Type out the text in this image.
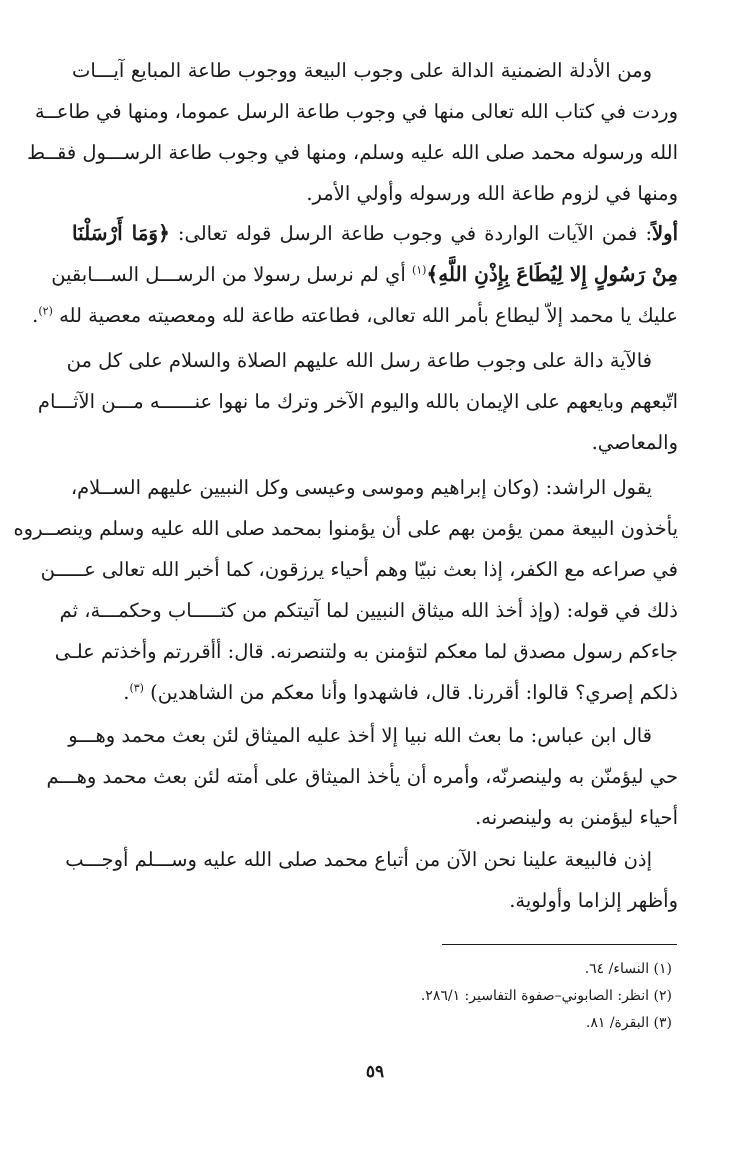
ومن الأدلة الضمنية الدالة على وجوب البيعة ووجوب طاعة المبايع آيـــات
وردت في كتاب الله تعالى منها في وجوب طاعة الرسل عموما، ومنها في طاعــة
الله ورسوله محمد صلى الله عليه وسلم، ومنها في وجوب طاعة الرســـول فقــط
ومنها في لزوم طاعة الله ورسوله وأولي الأمر.
أولاً: فمن الآيات الواردة في وجوب طاعة الرسل قوله تعالى: ﴿وَمَا أَرْسَلْنَا
مِنْ رَسُولٍ إِلا لِيُطَاعَ بِإِذْنِ اللَّهِ﴾$^{(١)}$ أي لم نرسل رسولا من الرســـل الســـابقين
عليك يا محمد إلاّ ليطاع بأمر الله تعالى، فطاعته طاعة لله ومعصيته معصية لله $^{(٢)}$.
فالآية دالة على وجوب طاعة رسل الله عليهم الصلاة والسلام على كل من
اتّبعهم وبايعهم على الإيمان بالله واليوم الآخر وترك ما نهوا عنــــــه مـــن الآثـــام
والمعاصي.
يقول الراشد: (وكان إبراهيم وموسى وعيسى وكل النبيين عليهم الســلام،
يأخذون البيعة ممن يؤمن بهم على أن يؤمنوا بمحمد صلى الله عليه وسلم وينصــروه
في صراعه مع الكفر، إذا بعث نبيّا وهم أحياء يرزقون، كما أخبر الله تعالى عـــــن
ذلك في قوله: (وإذ أخذ الله ميثاق النبيين لما آتيتكم من كتـــــاب وحكمـــة، ثم
جاءكم رسول مصدق لما معكم لتؤمنن به ولتنصرنه. قال: أأقررتم وأخذتم علـى
ذلكم إصري؟ قالوا: أقررنا. قال، فاشهدوا وأنا معكم من الشاهدين) $^{(٣)}$.
قال ابن عباس: ما بعث الله نبيا إلا أخذ عليه الميثاق لئن بعث محمد وهـــو
حي ليؤمنّن به ولينصرنّه، وأمره أن يأخذ الميثاق على أمته لئن بعث محمد وهـــم
أحياء ليؤمنن به ولينصرنه.
إذن فالبيعة علينا نحن الآن من أتباع محمد صلى الله عليه وســـلم أوجـــب
وأظهر إلزاما وأولوية.
(١) النساء/ ٦٤.
(٢) انظر: الصابوني–صفوة التفاسير: ٢٨٦/١.
(٣) البقرة/ ٨١.
٥٩
